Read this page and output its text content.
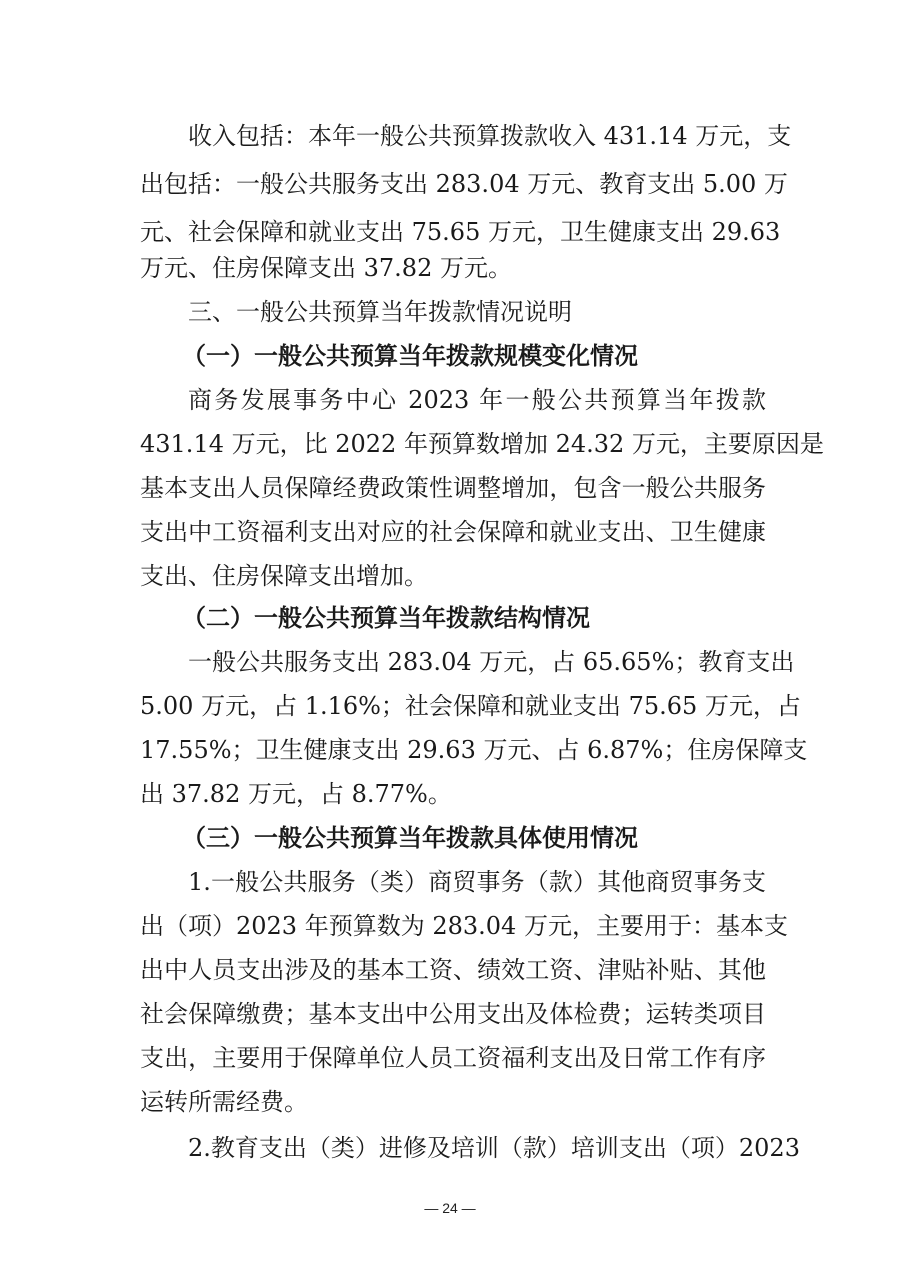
收入包括：本年一般公共预算拨款收入 431.14 万元，支
出包括：一般公共服务支出 283.04 万元、教育支出 5.00 万
元、社会保障和就业支出 75.65 万元，卫生健康支出 29.63
万元、住房保障支出 37.82 万元。
三、一般公共预算当年拨款情况说明
（一）一般公共预算当年拨款规模变化情况
商务发展事务中心 2023 年一般公共预算当年拨款
431.14 万元，比 2022 年预算数增加 24.32 万元，主要原因是
基本支出人员保障经费政策性调整增加，包含一般公共服务
支出中工资福利支出对应的社会保障和就业支出、卫生健康
支出、住房保障支出增加。
（二）一般公共预算当年拨款结构情况
一般公共服务支出 283.04 万元，占 65.65%；教育支出
5.00 万元，占 1.16%；社会保障和就业支出 75.65 万元，占
17.55%；卫生健康支出 29.63 万元、占 6.87%；住房保障支
出 37.82 万元，占 8.77%。
（三）一般公共预算当年拨款具体使用情况
1.一般公共服务（类）商贸事务（款）其他商贸事务支
出（项）2023 年预算数为 283.04 万元，主要用于：基本支
出中人员支出涉及的基本工资、绩效工资、津贴补贴、其他
社会保障缴费；基本支出中公用支出及体检费；运转类项目
支出，主要用于保障单位人员工资福利支出及日常工作有序
运转所需经费。
2.教育支出（类）进修及培训（款）培训支出（项）2023
— 24 —
